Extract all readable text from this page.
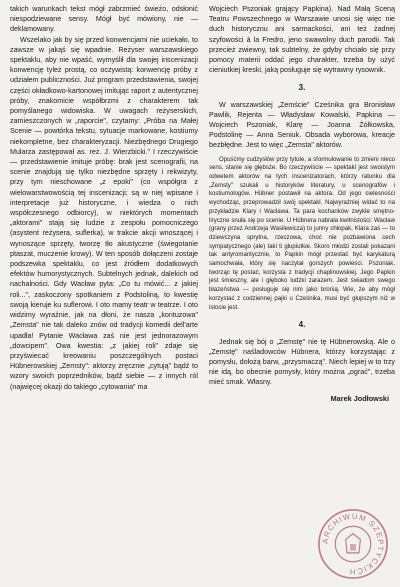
takich warunkach tekst mógł zabrzmieć świeżo, odsłonić niespodziewane sensy. Mógł być mówiony, nie — deklamowany.

Wszelako jak by się przed konwencjami nie uciekało, to zawsze w jakąś się wpadnie. Reżyser warszawskiego spektaklu, aby nie wpaść, wymyślił dla swojej inscenizacji konwencję tyleż prostą, co oczywistą: konwencję próby z udziałem publiczności. Już program przedstawienia, swojej części okładkowo-kartonowej imitując raport z autentycznej próby, znakomicie współbrzmi z charakterem tak pomyślanego widowiska. W uwagach reżyserskich, zamieszczonych w „raporcie", czytamy: „Próba na Małej Scenie — powtórka tekstu, sytuacje markowane, kostiumy niekompletne, bez charakteryzacji. Niezbędnego Drugiego Mularza zastępował as. reż. J. Wierzbicki." I rzeczywiście — przedstawienie imituje próbę: brak jest scenografii, na scenie znajdują się tylko niezbędne sprzęty i rekwizyty, przy tym nieschowane „z epoki" (co współgra z wielowarstwowością tej inscenizacji; są w niej wpisane i interpretacje już historyczne, i wiedza o nich współczesnego odbiorcy), w niektórych momentach „aktorami" stają się ludzie z zespołu pomocniczego (asystent reżysera, suflerka), w trakcie akcji wnoszącej i wynoszące sprzęty, tworzę tło akustyczne (świegotanie ptaszat, muczenie krowy). W ten sposób dołączeni zostaje podszewka spektaklu, co jest źródłem dodatkowych efektów humorystycznych. Subtelnych jednak, dalekich od nachalności. Gdy Wacław pyta: „Co tu mówić... z jakiej roli...", zaskoczony spotkaniem z Podstoliną, to kwestię swoją kieruje ku suflerowi. I oto mamy teatr w teatrze. I oto widzimy wyraźnie, jak na dłoni, że nasza „kontuzowa" „Zemsta" nie tak daleko znów od tradycji komedii dell'arte upadła! Pytanie Wacława zaś nie jest jednorazowym „dowcipem". Owa kwestia: „z jakiej roli" zdaje się przyświecać kreowaniu poszczególnych postaci Hübnerowskiej „Zemsty": aktorzy zręcznie „cytują" bądź to wzory swoich poprzedników, bądź siebie — z innych ról (najwięcej okazji do takiego „cytowania" ma

Wojciech Pszoniak grający Papkina). Nad Małą Sceną Teatru Powszechnego w Warszawie unosi się więc nie duch historycznu ani sarmackości, ani też żadnej szyfowości à la Fredro, jeno swawolny duch parodii. Tak przecież zwiewny, tak subtelny, że gdyby chciało się przy pomocy materii oddać jego charakter, trzeba by użyć cieniutkiej kreski, jaką posługuje się wytrawny rysownik.

3.

W warszawskiej „Zemście" Cześnika gra Bronisław Pawlik, Rejenta — Władysław Kowalski, Papkina — Wojciech Pszoniak, Klarę — Joanna Żółkowska, Podstolinę — Anna Seniuk. Obsada wyborowa, kreacje bezbłędne. Jest to więc „Zemsta" aktorów.

Opuśćmy cudzysłów przy tytule, a sformułowanie to zmieni nieco sens, stanie się głębsze. Bo rzeczywiście — spektakl jest swoistym odwetem aktorów na tych inscenizatorach, którzy ratunku dla „Zemsty" szukali u historyków literatury, u scenografów i kostiumologów. Hübner postawił na aktora. Od jego cielesności wychodząc, przeprowadził swój spektakl. Najwyraźniej widać to na przykładzie Klary i Wacława. Ta para kochanków zwykle smętno-liryczne snuła się po scenie. U Hübnera nabrała kwitnistości: Wacław (grany przez Andrzeja Wasilewicza) to junny chłopak, Klara zaś — to dziewczyna sprytna, rzeczowa, choć nie pozbawiona cech sympatycznego (ale) taki ti głupiutkie. Skoro młodzi zostali pokazani tak antyromantycznie, to Papkin mógł przestać być karykaturą samochwała, który się naczytał gorszych powieści. Pszoniak, tworząc tę postać, korzysta z tradycji chaplinowskiej. Jego Papkin jest śmieszny, ale i głęboko ludzki zarazem. Jest świadom swego błazeństwa — posługuje się nim jako bronią. Wie, że aby mógł korzystać z codziennej pajki u Cześnika, musi być głupszym niż w istocie jest.

4.

Jednak się bój o „Zemstę" nie tę Hübnerowską. Ale o „Zemstę" naśladowców Hübnera, którzy korzystając z pomysłu, dołożą barw, „przysmaczą". Niech lepiej w to trzy nie idą, bo obecnie pomysły, który można „ograć", trzeba mieć smak. Własny.

Marek Jodłowski
ARCHIWUM SZEPTYCKICH
